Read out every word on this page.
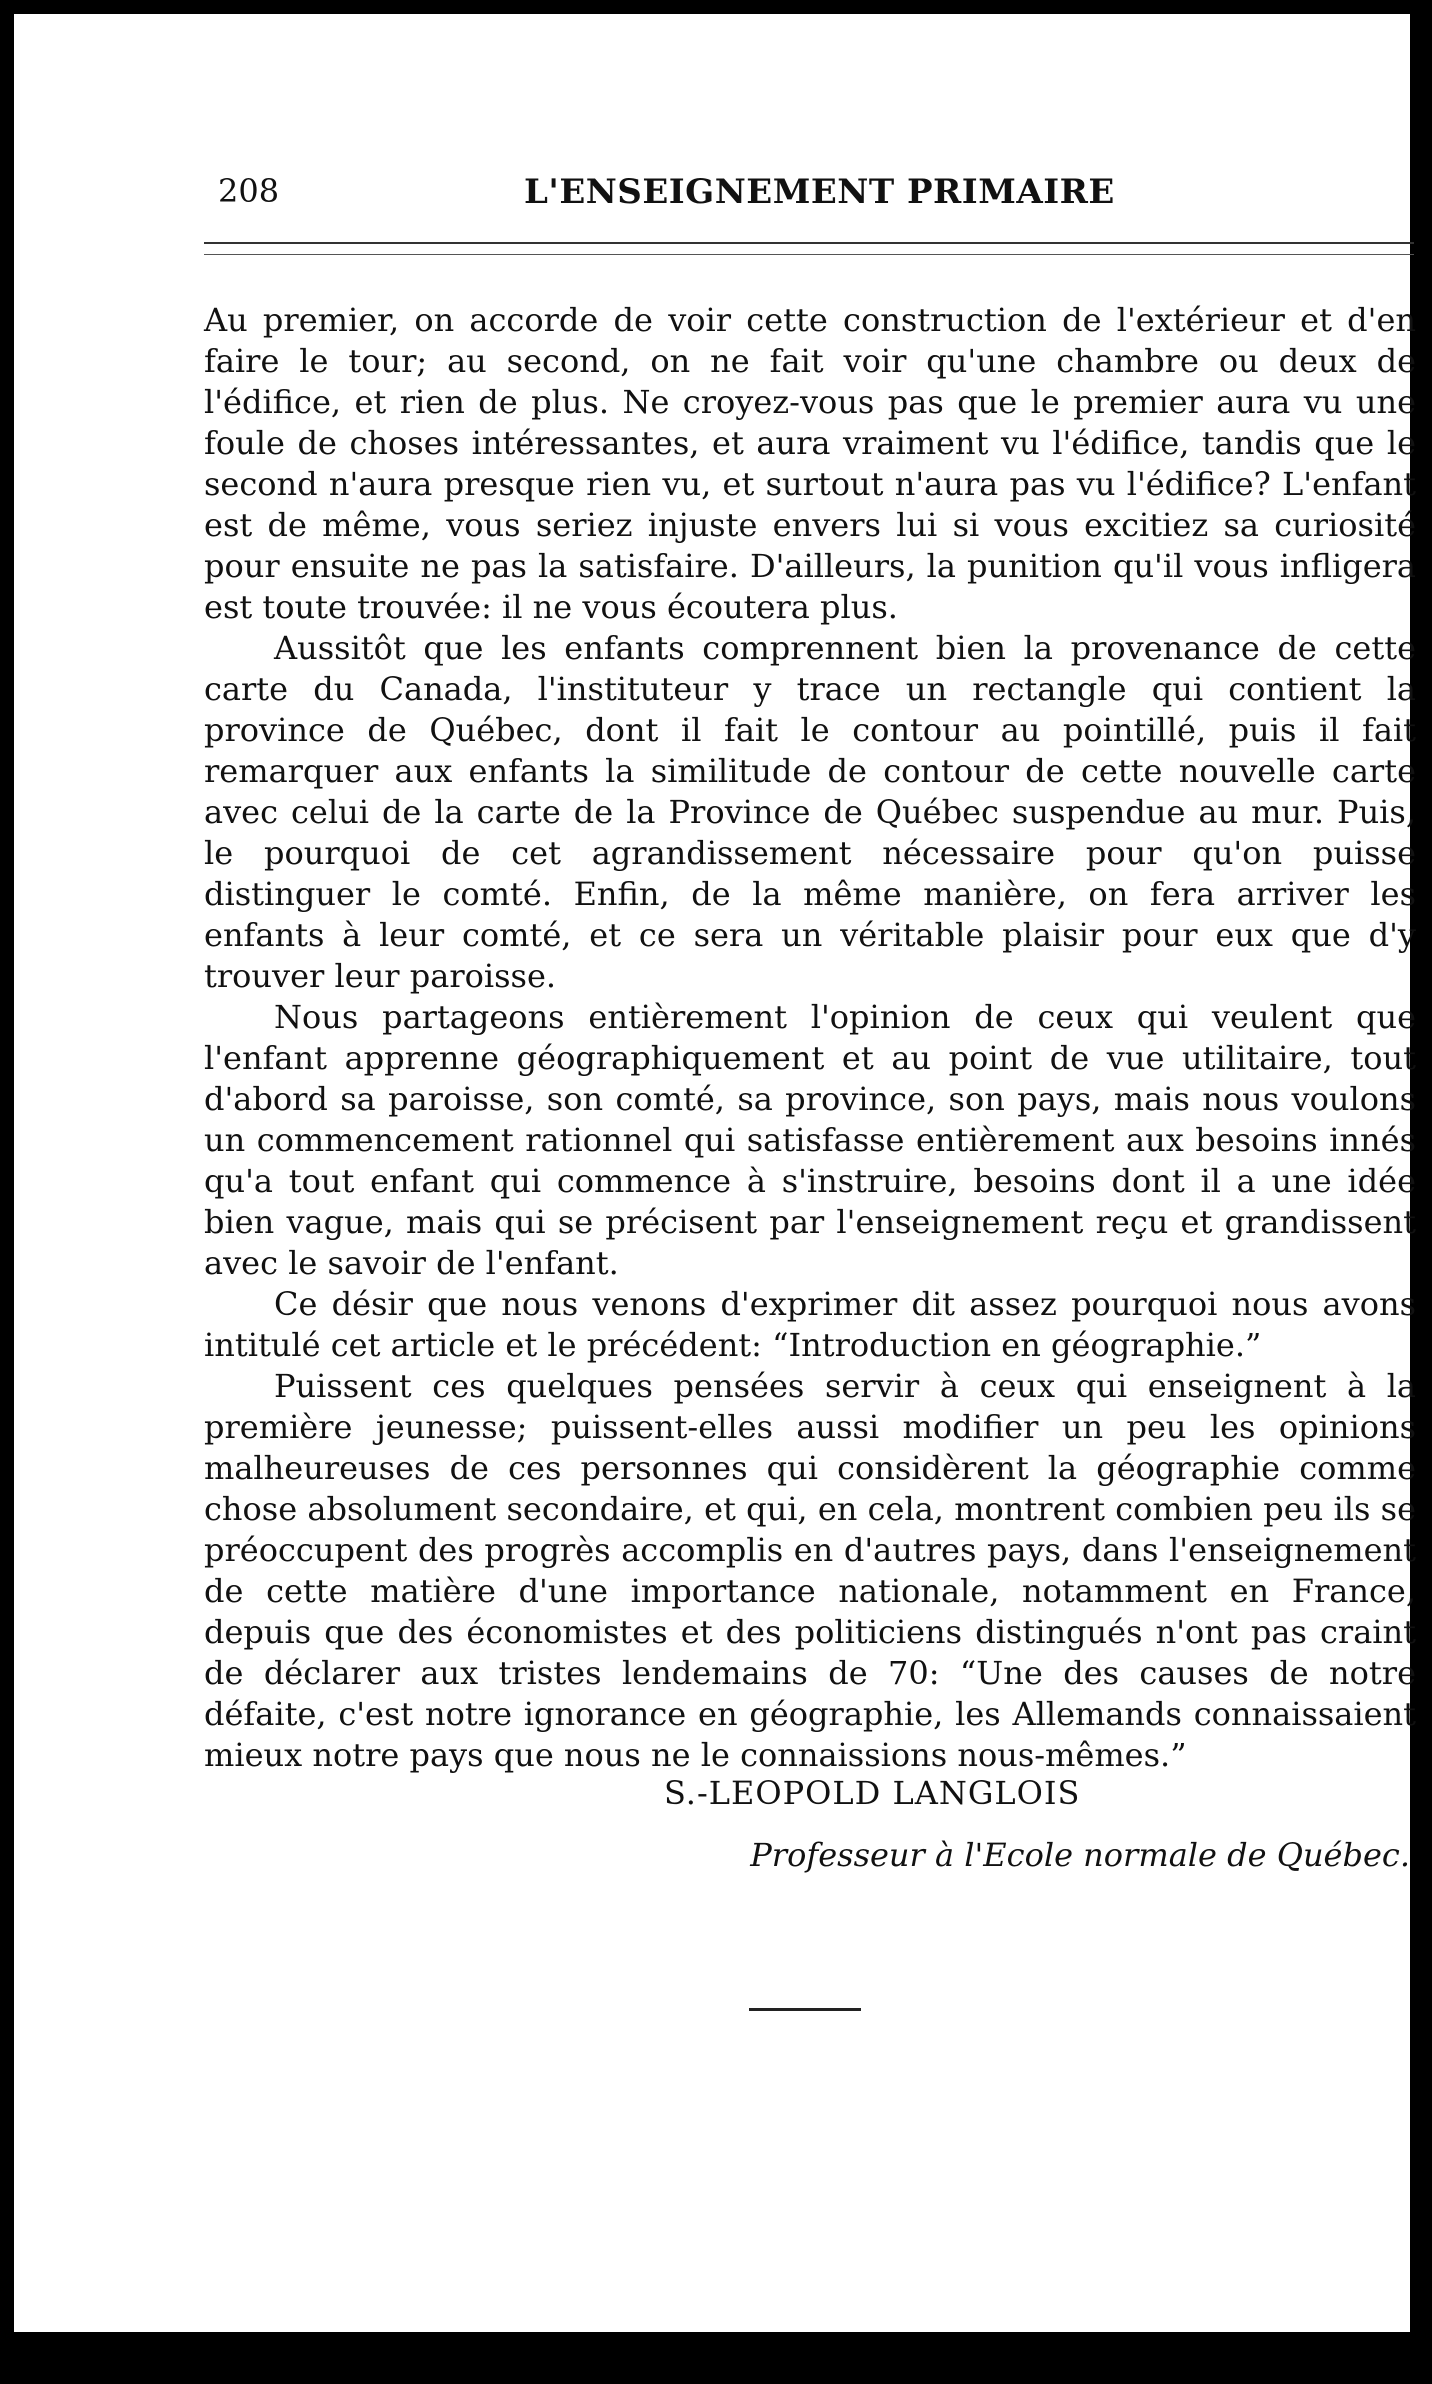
208	L'ENSEIGNEMENT PRIMAIRE

Au premier, on accorde de voir cette construction de l'extérieur et d'en faire le tour; au second, on ne fait voir qu'une chambre ou deux de l'édifice, et rien de plus. Ne croyez-vous pas que le premier aura vu une foule de choses intéressantes, et aura vraiment vu l'édifice, tandis que le second n'aura presque rien vu, et surtout n'aura pas vu l'édifice? L'enfant est de même, vous seriez injuste envers lui si vous excitiez sa curiosité pour ensuite ne pas la satisfaire. D'ailleurs, la punition qu'il vous infligera est toute trouvée: il ne vous écoutera plus.

Aussitôt que les enfants comprennent bien la provenance de cette carte du Canada, l'instituteur y trace un rectangle qui contient la province de Québec, dont il fait le contour au pointillé, puis il fait remarquer aux enfants la similitude de contour de cette nouvelle carte avec celui de la carte de la Province de Québec suspendue au mur. Puis, le pourquoi de cet agrandissement nécessaire pour qu'on puisse distinguer le comté. Enfin, de la même manière, on fera arriver les enfants à leur comté, et ce sera un véritable plaisir pour eux que d'y trouver leur paroisse.

Nous partageons entièrement l'opinion de ceux qui veulent que l'enfant apprenne géographiquement et au point de vue utilitaire, tout d'abord sa paroisse, son comté, sa province, son pays, mais nous voulons un commencement rationnel qui satisfasse entièrement aux besoins innés qu'a tout enfant qui commence à s'instruire, besoins dont il a une idée bien vague, mais qui se précisent par l'enseignement reçu et grandissent avec le savoir de l'enfant.

Ce désir que nous venons d'exprimer dit assez pourquoi nous avons intitulé cet article et le précédent: “Introduction en géographie.”

Puissent ces quelques pensées servir à ceux qui enseignent à la première jeunesse; puissent-elles aussi modifier un peu les opinions malheureuses de ces personnes qui considèrent la géographie comme chose absolument secondaire, et qui, en cela, montrent combien peu ils se préoccupent des progrès accomplis en d'autres pays, dans l'enseignement de cette matière d'une importance nationale, notamment en France, depuis que des économistes et des politiciens distingués n'ont pas craint de déclarer aux tristes lendemains de 70: “Une des causes de notre défaite, c'est notre ignorance en géographie, les Allemands connaissaient mieux notre pays que nous ne le connaissions nous-mêmes.”

S.-LEOPOLD LANGLOIS
Professeur à l'Ecole normale de Québec.
